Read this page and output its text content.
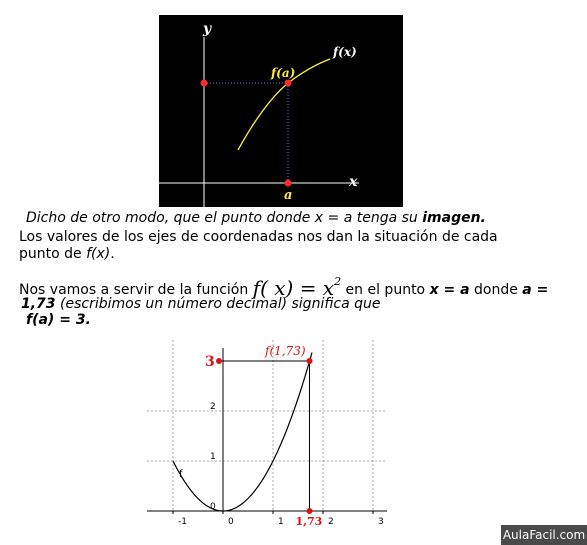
y
x
f(a)
f(x)
a
Dicho de otro modo, que el punto donde x = a tenga su imagen.
Los valores de los ejes de coordenadas nos dan la situación de cada
punto de f(x).
Nos vamos a servir de la función f( $x) = x^2$ en el punto x = a donde a =
1,73 (escribimos un número decimal) significa que
f(a) = 3.
-1	0	1	2	3
0
1
2
f
3
f(1,73)
1,73
AulaFacil.com
